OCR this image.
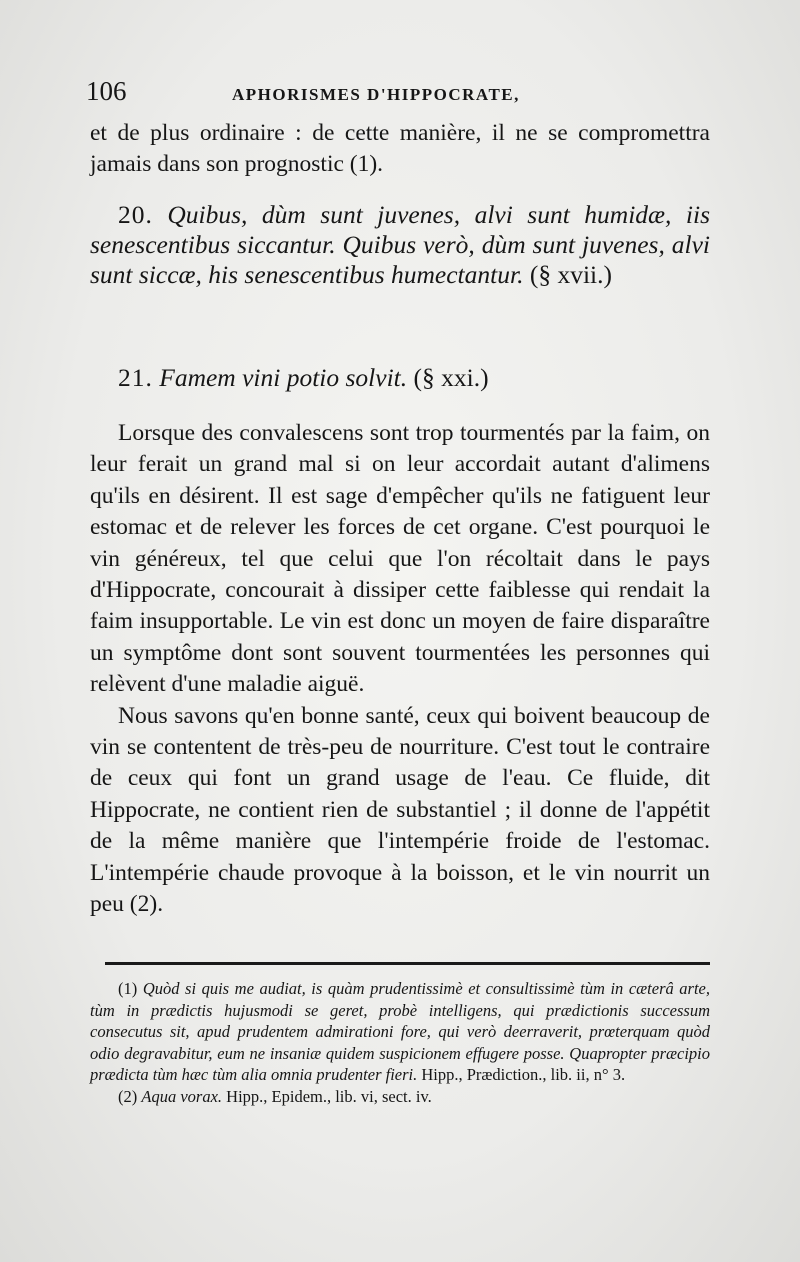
106	APHORISMES D'HIPPOCRATE,

et de plus ordinaire : de cette manière, il ne se compromettra jamais dans son prognostic (1).

20. Quibus, dùm sunt juvenes, alvi sunt humidæ, iis senescentibus siccantur. Quibus verò, dùm sunt juvenes, alvi sunt siccæ, his senescentibus humectantur. (§ xvii.)

21. Famem vini potio solvit. (§ xxi.)

Lorsque des convalescens sont trop tourmentés par la faim, on leur ferait un grand mal si on leur accordait autant d'alimens qu'ils en désirent. Il est sage d'empêcher qu'ils ne fatiguent leur estomac et de relever les forces de cet organe. C'est pourquoi le vin généreux, tel que celui que l'on récoltait dans le pays d'Hippocrate, concourait à dissiper cette faiblesse qui rendait la faim insupportable. Le vin est donc un moyen de faire disparaître un symptôme dont sont souvent tourmentées les personnes qui relèvent d'une maladie aiguë.

Nous savons qu'en bonne santé, ceux qui boivent beaucoup de vin se contentent de très-peu de nourriture. C'est tout le contraire de ceux qui font un grand usage de l'eau. Ce fluide, dit Hippocrate, ne contient rien de substantiel ; il donne de l'appétit de la même manière que l'intempérie froide de l'estomac. L'intempérie chaude provoque à la boisson, et le vin nourrit un peu (2).

(1) Quòd si quis me audiat, is quàm prudentissimè et consultissimè tùm in cæterâ arte, tùm in prædictis hujusmodi se geret, probè intelligens, qui prædictionis successum consecutus sit, apud prudentem admirationi fore, qui verò deerraverit, prœterquam quòd odio degravabitur, eum ne insaniæ quidem suspicionem effugere posse. Quapropter præcipio prædicta tùm hæc tùm alia omnia prudenter fieri. Hipp., Prædiction., lib. ii, n° 3.

(2) Aqua vorax. Hipp., Epidem., lib. vi, sect. iv.
